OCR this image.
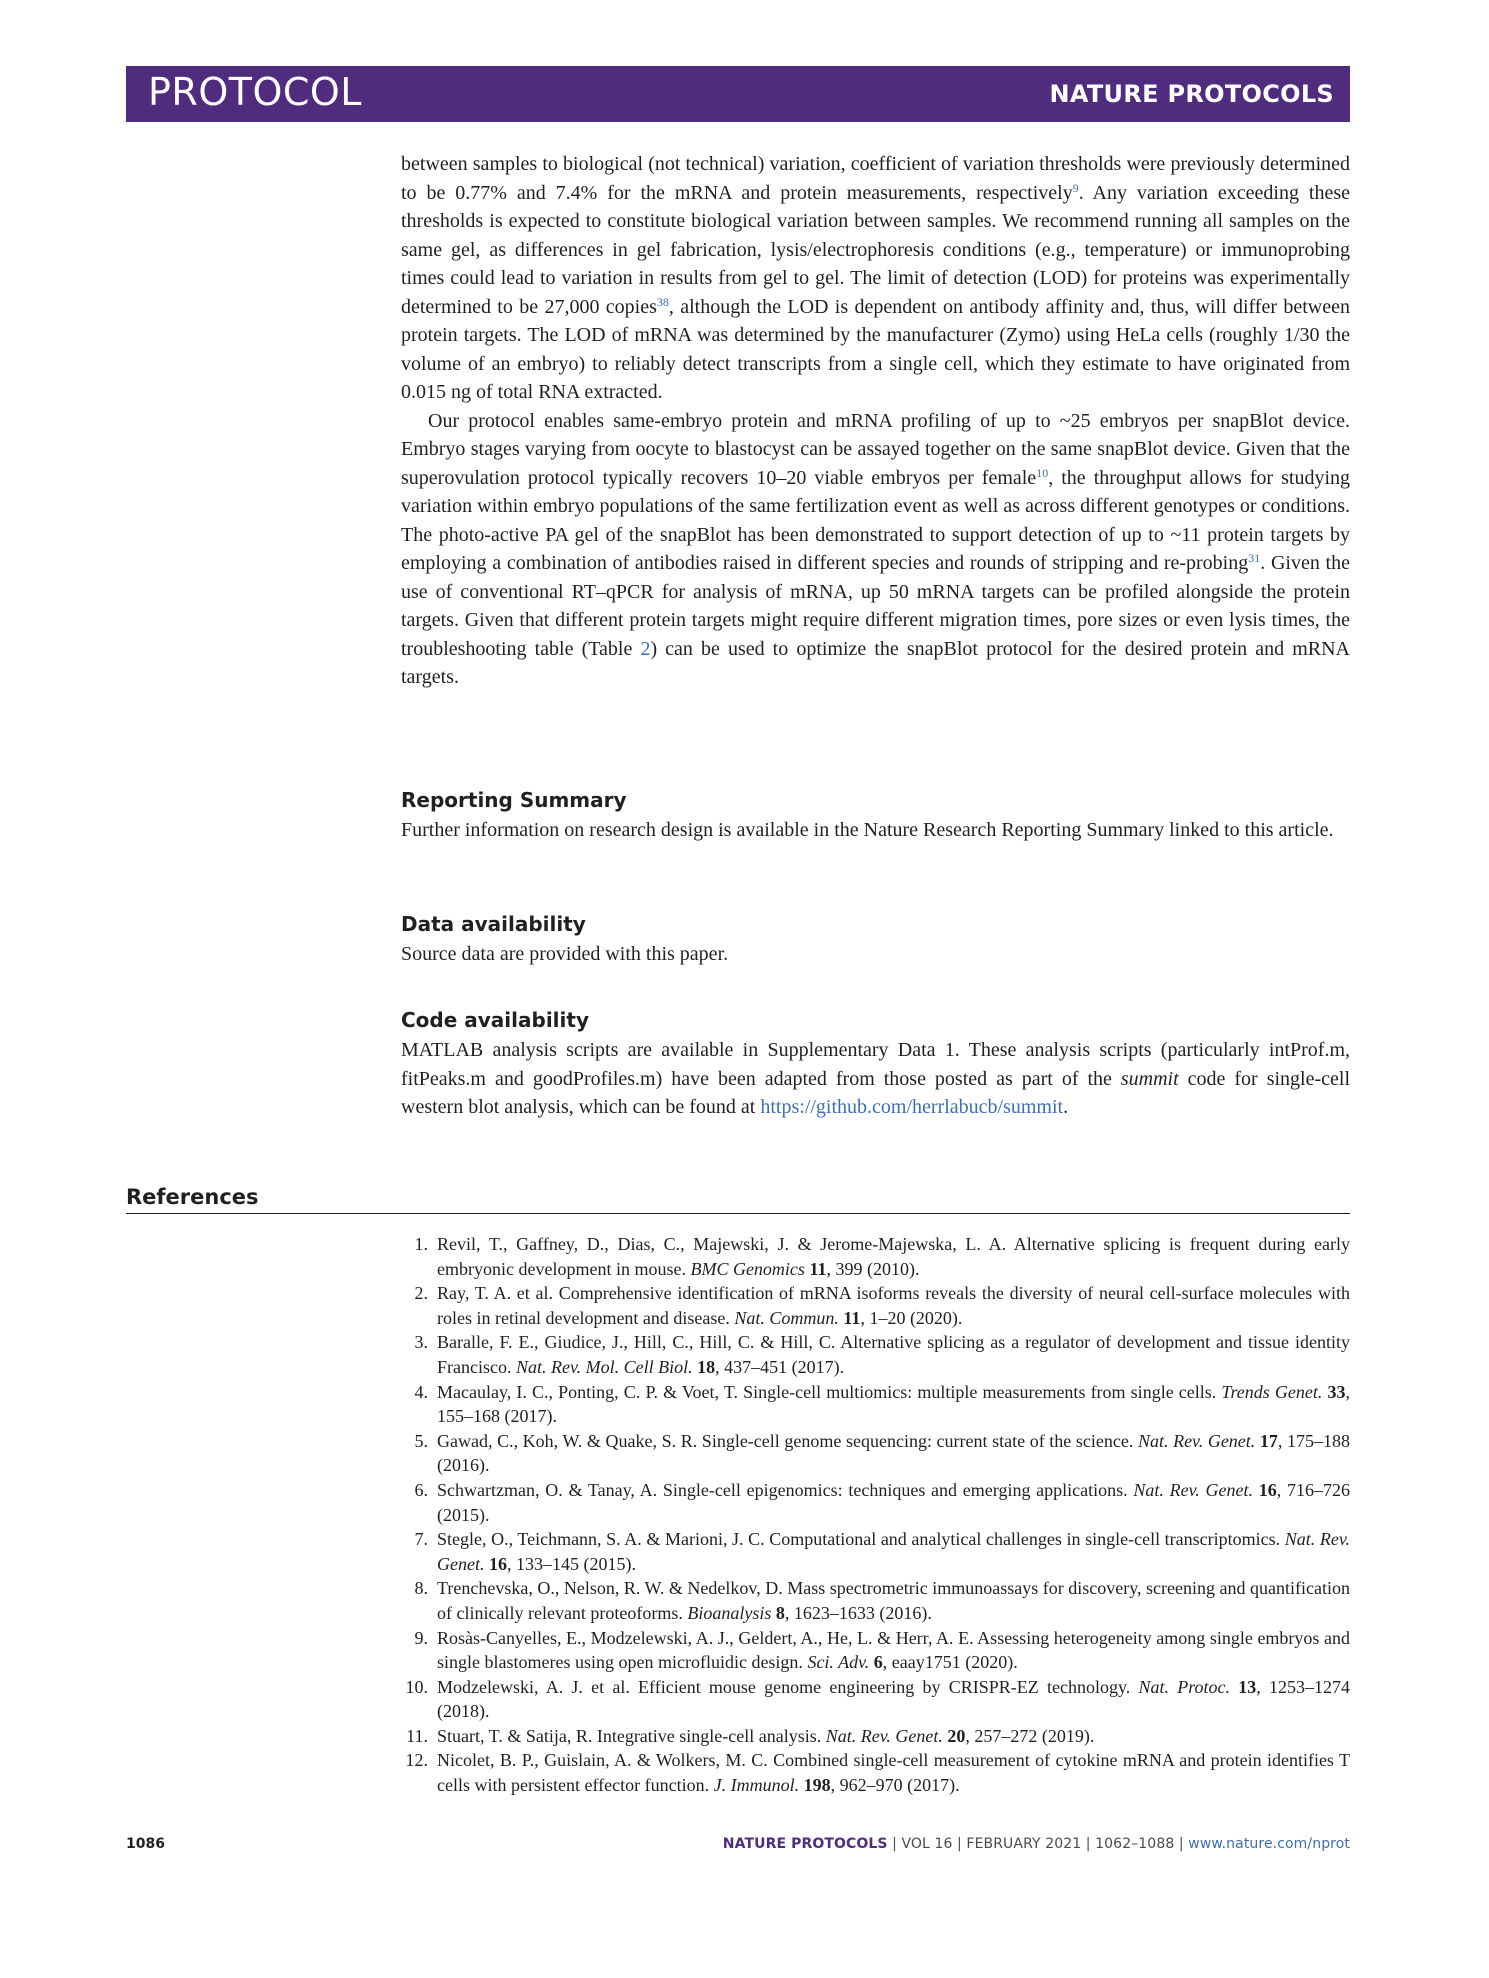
PROTOCOL	NATURE PROTOCOLS

between samples to biological (not technical) variation, coefficient of variation thresholds were previously determined to be 0.77% and 7.4% for the mRNA and protein measurements, respectively$^9$. Any variation exceeding these thresholds is expected to constitute biological variation between samples. We recommend running all samples on the same gel, as differences in gel fabrication, lysis/electrophoresis conditions (e.g., temperature) or immunoprobing times could lead to variation in results from gel to gel. The limit of detection (LOD) for proteins was experimentally determined to be 27,000 copies$^{38}$, although the LOD is dependent on antibody affinity and, thus, will differ between protein targets. The LOD of mRNA was determined by the manufacturer (Zymo) using HeLa cells (roughly 1/30 the volume of an embryo) to reliably detect transcripts from a single cell, which they estimate to have originated from 0.015 ng of total RNA extracted.

Our protocol enables same-embryo protein and mRNA profiling of up to ~25 embryos per snapBlot device. Embryo stages varying from oocyte to blastocyst can be assayed together on the same snapBlot device. Given that the superovulation protocol typically recovers 10–20 viable embryos per female$^{10}$, the throughput allows for studying variation within embryo populations of the same fertilization event as well as across different genotypes or conditions. The photo-active PA gel of the snapBlot has been demonstrated to support detection of up to ~11 protein targets by employing a combination of antibodies raised in different species and rounds of stripping and re-probing$^{31}$. Given the use of conventional RT–qPCR for analysis of mRNA, up 50 mRNA targets can be profiled alongside the protein targets. Given that different protein targets might require different migration times, pore sizes or even lysis times, the troubleshooting table (Table 2) can be used to optimize the snapBlot protocol for the desired protein and mRNA targets.

Reporting Summary

Further information on research design is available in the Nature Research Reporting Summary linked to this article.

Data availability

Source data are provided with this paper.

Code availability

MATLAB analysis scripts are available in Supplementary Data 1. These analysis scripts (particularly intProf.m, fitPeaks.m and goodProfiles.m) have been adapted from those posted as part of the summit code for single-cell western blot analysis, which can be found at https://github.com/herrlabucb/summit.

References
1. Revil, T., Gaffney, D., Dias, C., Majewski, J. & Jerome-Majewska, L. A. Alternative splicing is frequent during early embryonic development in mouse. BMC Genomics 11, 399 (2010).
2. Ray, T. A. et al. Comprehensive identification of mRNA isoforms reveals the diversity of neural cell-surface molecules with roles in retinal development and disease. Nat. Commun. 11, 1–20 (2020).
3. Baralle, F. E., Giudice, J., Hill, C., Hill, C. & Hill, C. Alternative splicing as a regulator of development and tissue identity Francisco. Nat. Rev. Mol. Cell Biol. 18, 437–451 (2017).
4. Macaulay, I. C., Ponting, C. P. & Voet, T. Single-cell multiomics: multiple measurements from single cells. Trends Genet. 33, 155–168 (2017).
5. Gawad, C., Koh, W. & Quake, S. R. Single-cell genome sequencing: current state of the science. Nat. Rev. Genet. 17, 175–188 (2016).
6. Schwartzman, O. & Tanay, A. Single-cell epigenomics: techniques and emerging applications. Nat. Rev. Genet. 16, 716–726 (2015).
7. Stegle, O., Teichmann, S. A. & Marioni, J. C. Computational and analytical challenges in single-cell transcriptomics. Nat. Rev. Genet. 16, 133–145 (2015).
8. Trenchevska, O., Nelson, R. W. & Nedelkov, D. Mass spectrometric immunoassays for discovery, screening and quantification of clinically relevant proteoforms. Bioanalysis 8, 1623–1633 (2016).
9. Rosàs-Canyelles, E., Modzelewski, A. J., Geldert, A., He, L. & Herr, A. E. Assessing heterogeneity among single embryos and single blastomeres using open microfluidic design. Sci. Adv. 6, eaay1751 (2020).
10. Modzelewski, A. J. et al. Efficient mouse genome engineering by CRISPR-EZ technology. Nat. Protoc. 13, 1253–1274 (2018).
11. Stuart, T. & Satija, R. Integrative single-cell analysis. Nat. Rev. Genet. 20, 257–272 (2019).
12. Nicolet, B. P., Guislain, A. & Wolkers, M. C. Combined single-cell measurement of cytokine mRNA and protein identifies T cells with persistent effector function. J. Immunol. 198, 962–970 (2017).
1086	NATURE PROTOCOLS | VOL 16 | FEBRUARY 2021 | 1062–1088 | www.nature.com/nprot
